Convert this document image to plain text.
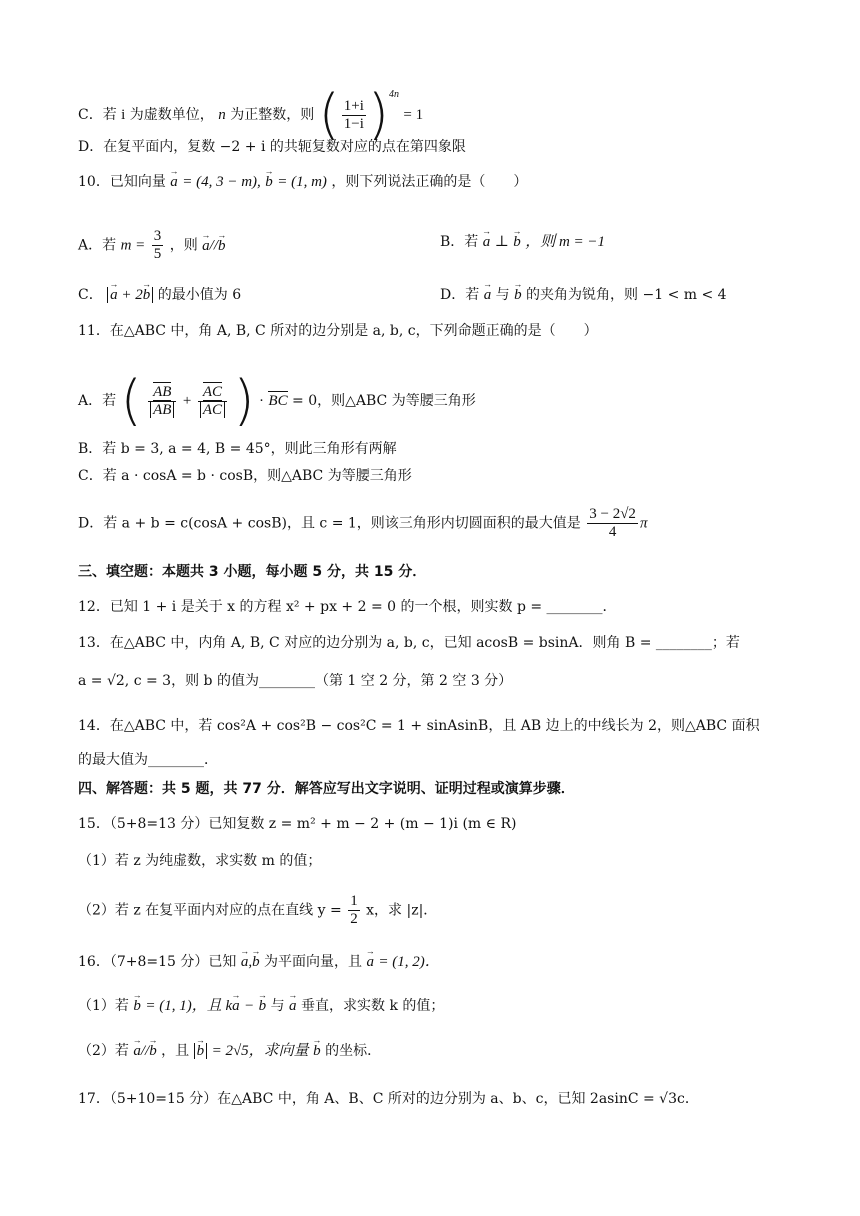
C．若 i 为虚数单位， n 为正整数，则 ( $\frac{1+i}{1-i} )^{4n} = 1$
D．在复平面内，复数 −2 + i 的共轭复数对应的点在第四象限
10．已知向量 → a = (4, 3 − m), → b = (1, m) ，则下列说法正确的是（　　）
A．若 $m = \frac{3}{5}$ ，则 → a//→ b	B．若 → a ⊥ → b ，则 m = −1
C． → a + 2→ b 的最小值为 6	D．若 → a 与 → b 的夹角为锐角，则 −1 < m < 4
11．在△ABC 中，角 A, B, C 所对的边分别是 a, b, c，下列命题正确的是（　　）
A．若 ( $\frac{AB}{AB} + \frac{AC}{AC}$ ) · BC = 0，则△ABC 为等腰三角形
B．若 b = 3, a = 4, B = 45°，则此三角形有两解
C．若 a · cosA = b · cosB，则△ABC 为等腰三角形
D．若 a + b = c(cosA + cosB)，且 c = 1，则该三角形内切圆面积的最大值是 $\frac{3 - 2√2}{4}$ π
三、填空题：本题共 3 小题，每小题 5 分，共 15 分．
12．已知 1 + i 是关于 x 的方程 x² + px + 2 = 0 的一个根，则实数 p = ________．
13．在△ABC 中，内角 A, B, C 对应的边分别为 a, b, c，已知 acosB = bsinA．则角 B = ________；若
a = √2, c = 3，则 b 的值为________（第 1 空 2 分，第 2 空 3 分）
14．在△ABC 中，若 cos²A + cos²B − cos²C = 1 + sinAsinB，且 AB 边上的中线长为 2，则△ABC 面积
的最大值为________．
四、解答题：共 5 题，共 77 分．解答应写出文字说明、证明过程或演算步骤．
15．（5+8=13 分）已知复数 z = m² + m − 2 + (m − 1)i (m ∈ R)
（1）若 z 为纯虚数，求实数 m 的值；
（2）若 z 在复平面内对应的点在直线 $y = \frac{1}{2}$ x，求 |z|．
16．（7+8=15 分）已知 → a,→ b 为平面向量，且 → a = (1, 2)．
（1）若 → b = (1, 1)，且 k→ a − → b 与 → a 垂直，求实数 k 的值；
（2）若 → a//→ b ，且 → b = 2√5，求向量 → b 的坐标．
17．（5+10=15 分）在△ABC 中，角 A、B、C 所对的边分别为 a、b、c，已知 2asinC = √3c．
